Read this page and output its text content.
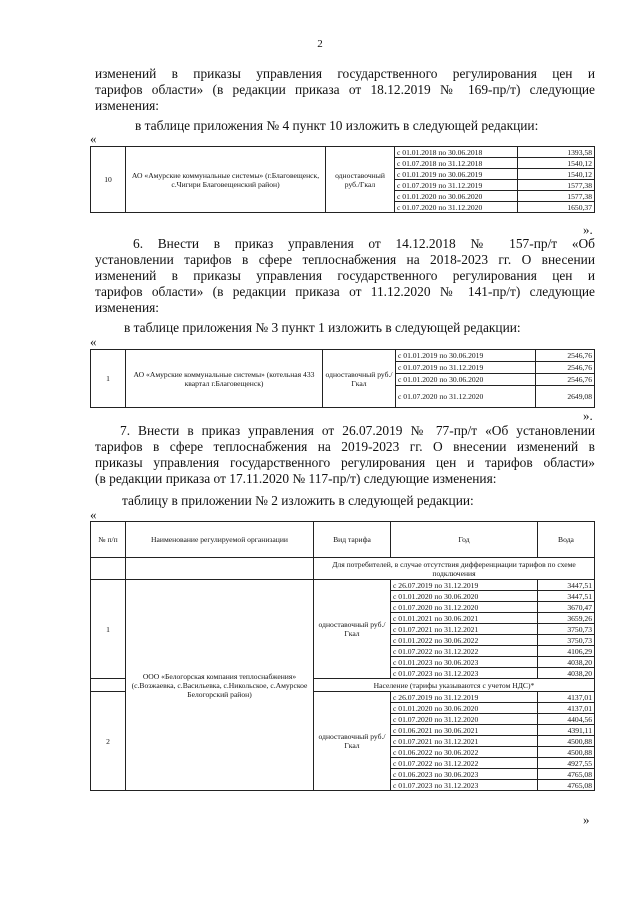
2
изменений в приказы управления государственного регулирования цен и
тарифов области» (в редакции приказа от 18.12.2019 № 169-пр/т) следующие
изменения:
в таблице приложения № 4 пункт 10 изложить в следующей редакции:
«
10	АО «Амурские коммунальные системы» (г.Благовещенск, с.Чигири Благовещенский район)	одноставочный руб./Гкал	с 01.01.2018 по 30.06.2018	1393,58
			с 01.07.2018 по 31.12.2018	1540,12
			с 01.01.2019 по 30.06.2019	1540,12
			с 01.07.2019 по 31.12.2019	1577,38
			с 01.01.2020 по 30.06.2020	1577,38
			с 01.07.2020 по 31.12.2020	1650,37
».
6. Внести в приказ управления от 14.12.2018 № 157-пр/т «Об
установлении тарифов в сфере теплоснабжения на 2018-2023 гг. О внесении
изменений в приказы управления государственного регулирования цен и
тарифов области» (в редакции приказа от 11.12.2020 № 141-пр/т) следующие
изменения:
в таблице приложения № 3 пункт 1 изложить в следующей редакции:
«
1	АО «Амурские коммунальные системы» (котельная 433 квартал г.Благовещенск)	одноставочный руб./Гкал	с 01.01.2019 по 30.06.2019	2546,76
			с 01.07.2019 по 31.12.2019	2546,76
			с 01.01.2020 по 30.06.2020	2546,76
			с 01.07.2020 по 31.12.2020	2649,08
».
7. Внести в приказ управления от 26.07.2019 № 77-пр/т «Об установлении
тарифов в сфере теплоснабжения на 2019-2023 гг. О внесении изменений в
приказы управления государственного регулирования цен и тарифов области»
(в редакции приказа от 17.11.2020 № 117-пр/т) следующие изменения:
таблицу в приложении № 2 изложить в следующей редакции:
«
№ п/п	Наименование регулируемой организации	Вид тарифа	Год	Вода
		Для потребителей, в случае отсутствия дифференциации тарифов по схеме подключения		
1	ООО «Белогорская компания теплоснабжения» (с.Возжаевка, с.Васильевка, с.Никольское, с.Амурское Белогорский район)	одноставочный руб./Гкал	с 26.07.2019 по 31.12.2019	3447,51
			с 01.01.2020 по 30.06.2020	3447,51
			с 01.07.2020 по 31.12.2020	3670,47
			с 01.01.2021 по 30.06.2021	3659,26
			с 01.07.2021 по 31.12.2021	3750,73
			с 01.01.2022 по 30.06.2022	3750,73
			с 01.07.2022 по 31.12.2022	4106,29
			с 01.01.2023 по 30.06.2023	4038,20
			с 01.07.2023 по 31.12.2023	4038,20
		Население (тарифы указываются с учетом НДС)*		
2		одноставочный руб./Гкал	с 26.07.2019 по 31.12.2019	4137,01
			с 01.01.2020 по 30.06.2020	4137,01
			с 01.07.2020 по 31.12.2020	4404,56
			с 01.06.2021 по 30.06.2021	4391,11
			с 01.07.2021 по 31.12.2021	4500,88
			с 01.06.2022 по 30.06.2022	4500,88
			с 01.07.2022 по 31.12.2022	4927,55
			с 01.06.2023 по 30.06.2023	4765,08
			с 01.07.2023 по 31.12.2023	4765,08
»
